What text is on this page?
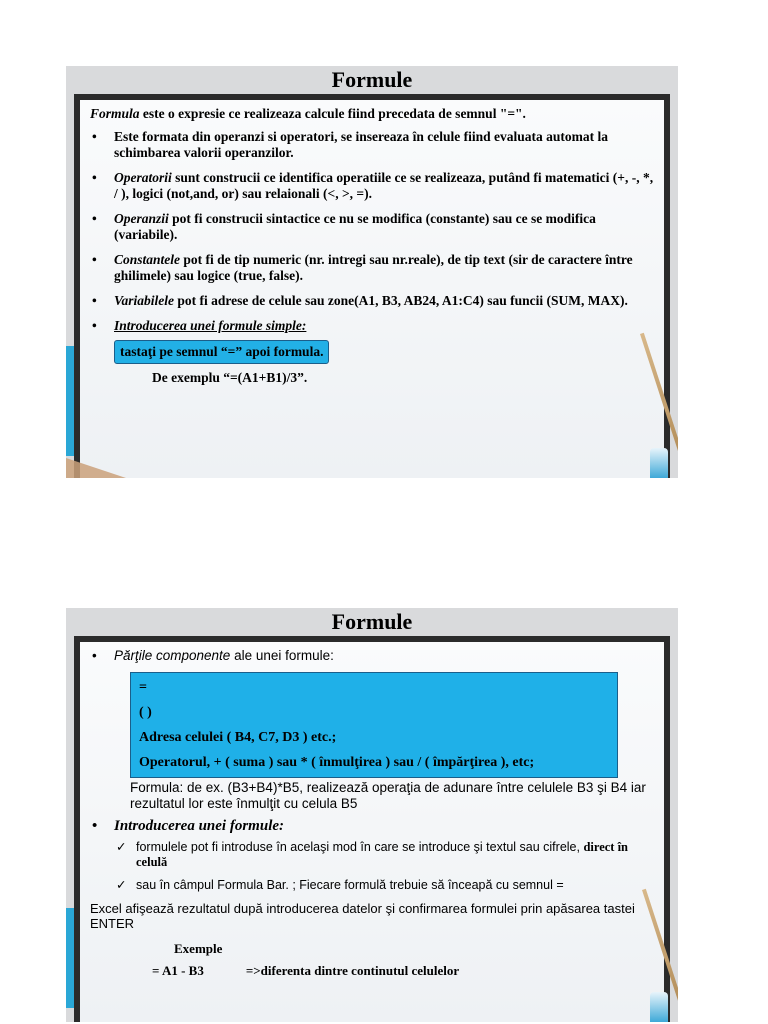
Formule

Formula este o expresie ce realizeaza calcule fiind precedata de semnul "=".

• Este formata din operanzi si operatori, se insereaza în celule fiind evaluata automat la schimbarea valorii operanzilor.
• Operatorii sunt construcii ce identifica operatiile ce se realizeaza, putând fi matematici (+, -, *, / ), logici (not,and, or) sau relaionali (<, >, =).
• Operanzii pot fi construcii sintactice ce nu se modifica (constante) sau ce se modifica (variabile).
• Constantele pot fi de tip numeric (nr. intregi sau nr.reale), de tip text (sir de caractere între ghilimele) sau logice (true, false).
• Variabilele pot fi adrese de celule sau zone(A1, B3, AB24, A1:C4) sau funcii (SUM, MAX).
• Introducerea unei formule simple:
tastaţi pe semnul “=” apoi formula.
De exemplu “=(A1+B1)/3”.
Formule
• Părţile componente ale unei formule:
=
( )
Adresa celulei ( B4, C7, D3 ) etc.;
Operatorul, + ( suma ) sau * ( înmulţirea ) sau / ( împărţirea ), etc;
Formula: de ex. (B3+B4)*B5, realizează operaţia de adunare între celulele B3 şi B4 iar rezultatul lor este înmulţit cu celula B5
• Introducerea unei formule:
✓ formulele pot fi introduse în acelaşi mod în care se introduce şi textul sau cifrele, direct în celulă
✓ sau în câmpul Formula Bar. ; Fiecare formulă trebuie să înceapă cu semnul =
Excel afişează rezultatul după introducerea datelor şi confirmarea formulei prin apăsarea tastei ENTER
Exemple
= A1 - B3	=>diferenta dintre continutul celulelor
